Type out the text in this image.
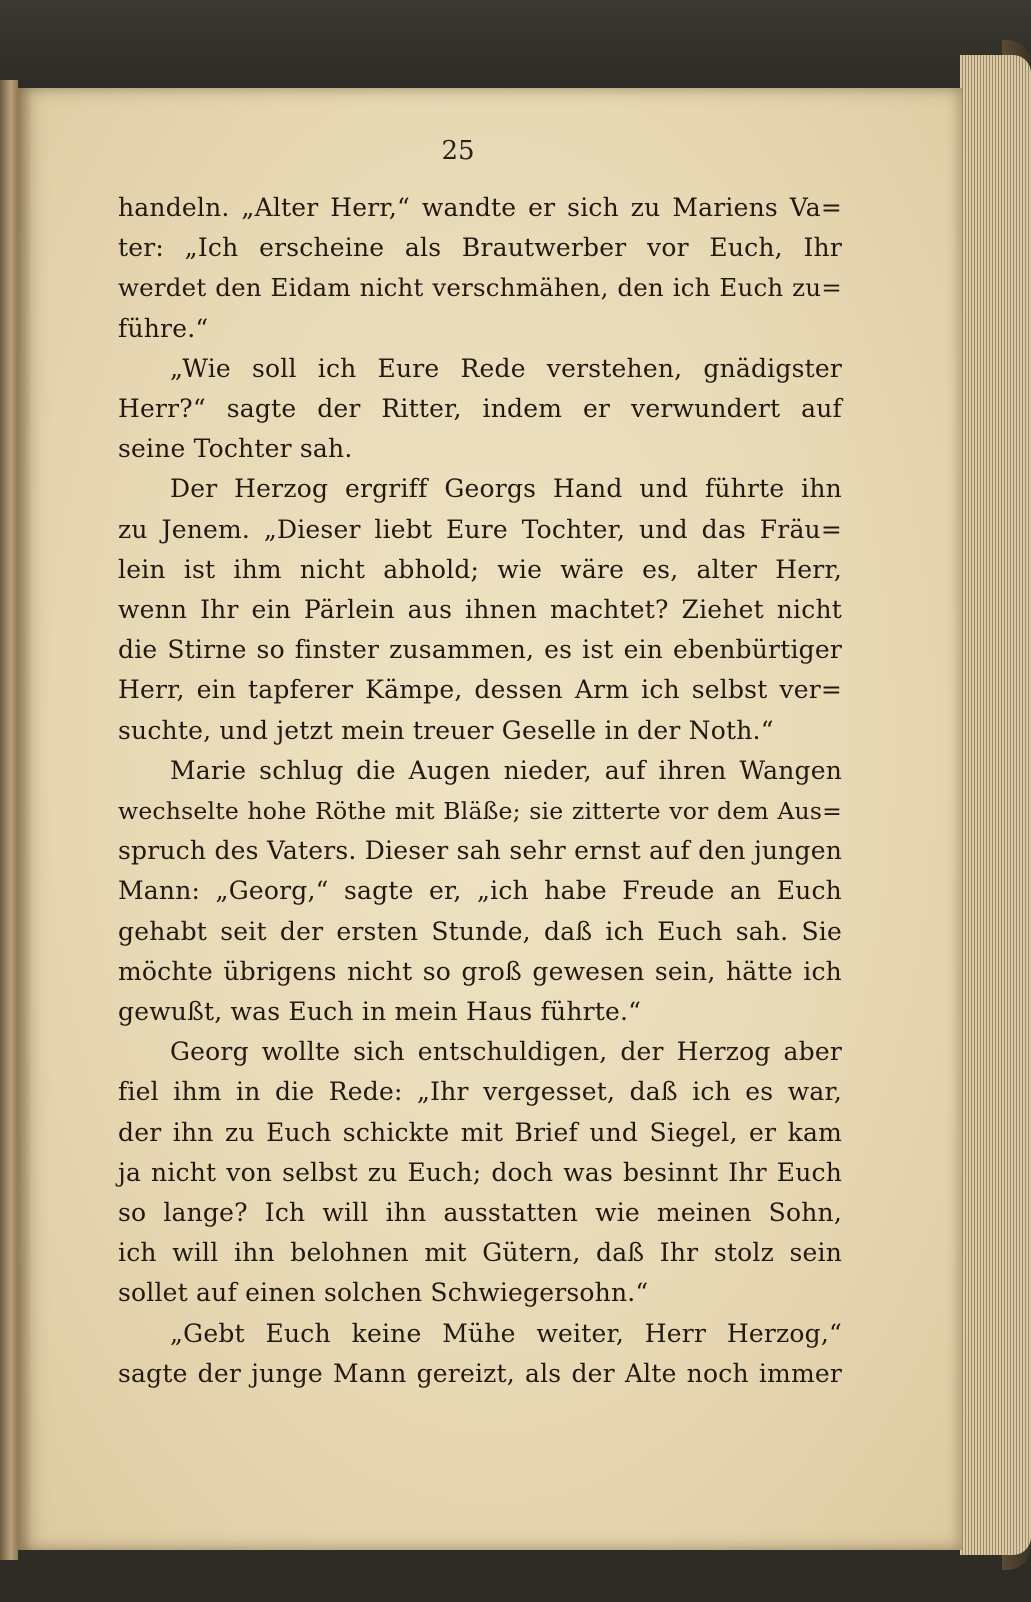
25
handeln. „Alter Herr,“ wandte er sich zu Mariens Va=
ter: „Ich erscheine als Brautwerber vor Euch, Ihr
werdet den Eidam nicht verschmähen, den ich Euch zu=
führe.“
„Wie soll ich Eure Rede verstehen, gnädigster
Herr?“ sagte der Ritter, indem er verwundert auf
seine Tochter sah.
Der Herzog ergriff Georgs Hand und führte ihn
zu Jenem. „Dieser liebt Eure Tochter, und das Fräu=
lein ist ihm nicht abhold; wie wäre es, alter Herr,
wenn Ihr ein Pärlein aus ihnen machtet? Ziehet nicht
die Stirne so finster zusammen, es ist ein ebenbürtiger
Herr, ein tapferer Kämpe, dessen Arm ich selbst ver=
suchte, und jetzt mein treuer Geselle in der Noth.“
Marie schlug die Augen nieder, auf ihren Wangen
wechselte hohe Röthe mit Bläße; sie zitterte vor dem Aus=
spruch des Vaters. Dieser sah sehr ernst auf den jungen
Mann: „Georg,“ sagte er, „ich habe Freude an Euch
gehabt seit der ersten Stunde, daß ich Euch sah. Sie
möchte übrigens nicht so groß gewesen sein, hätte ich
gewußt, was Euch in mein Haus führte.“
Georg wollte sich entschuldigen, der Herzog aber
fiel ihm in die Rede: „Ihr vergesset, daß ich es war,
der ihn zu Euch schickte mit Brief und Siegel, er kam
ja nicht von selbst zu Euch; doch was besinnt Ihr Euch
so lange? Ich will ihn ausstatten wie meinen Sohn,
ich will ihn belohnen mit Gütern, daß Ihr stolz sein
sollet auf einen solchen Schwiegersohn.“
„Gebt Euch keine Mühe weiter, Herr Herzog,“
sagte der junge Mann gereizt, als der Alte noch immer
